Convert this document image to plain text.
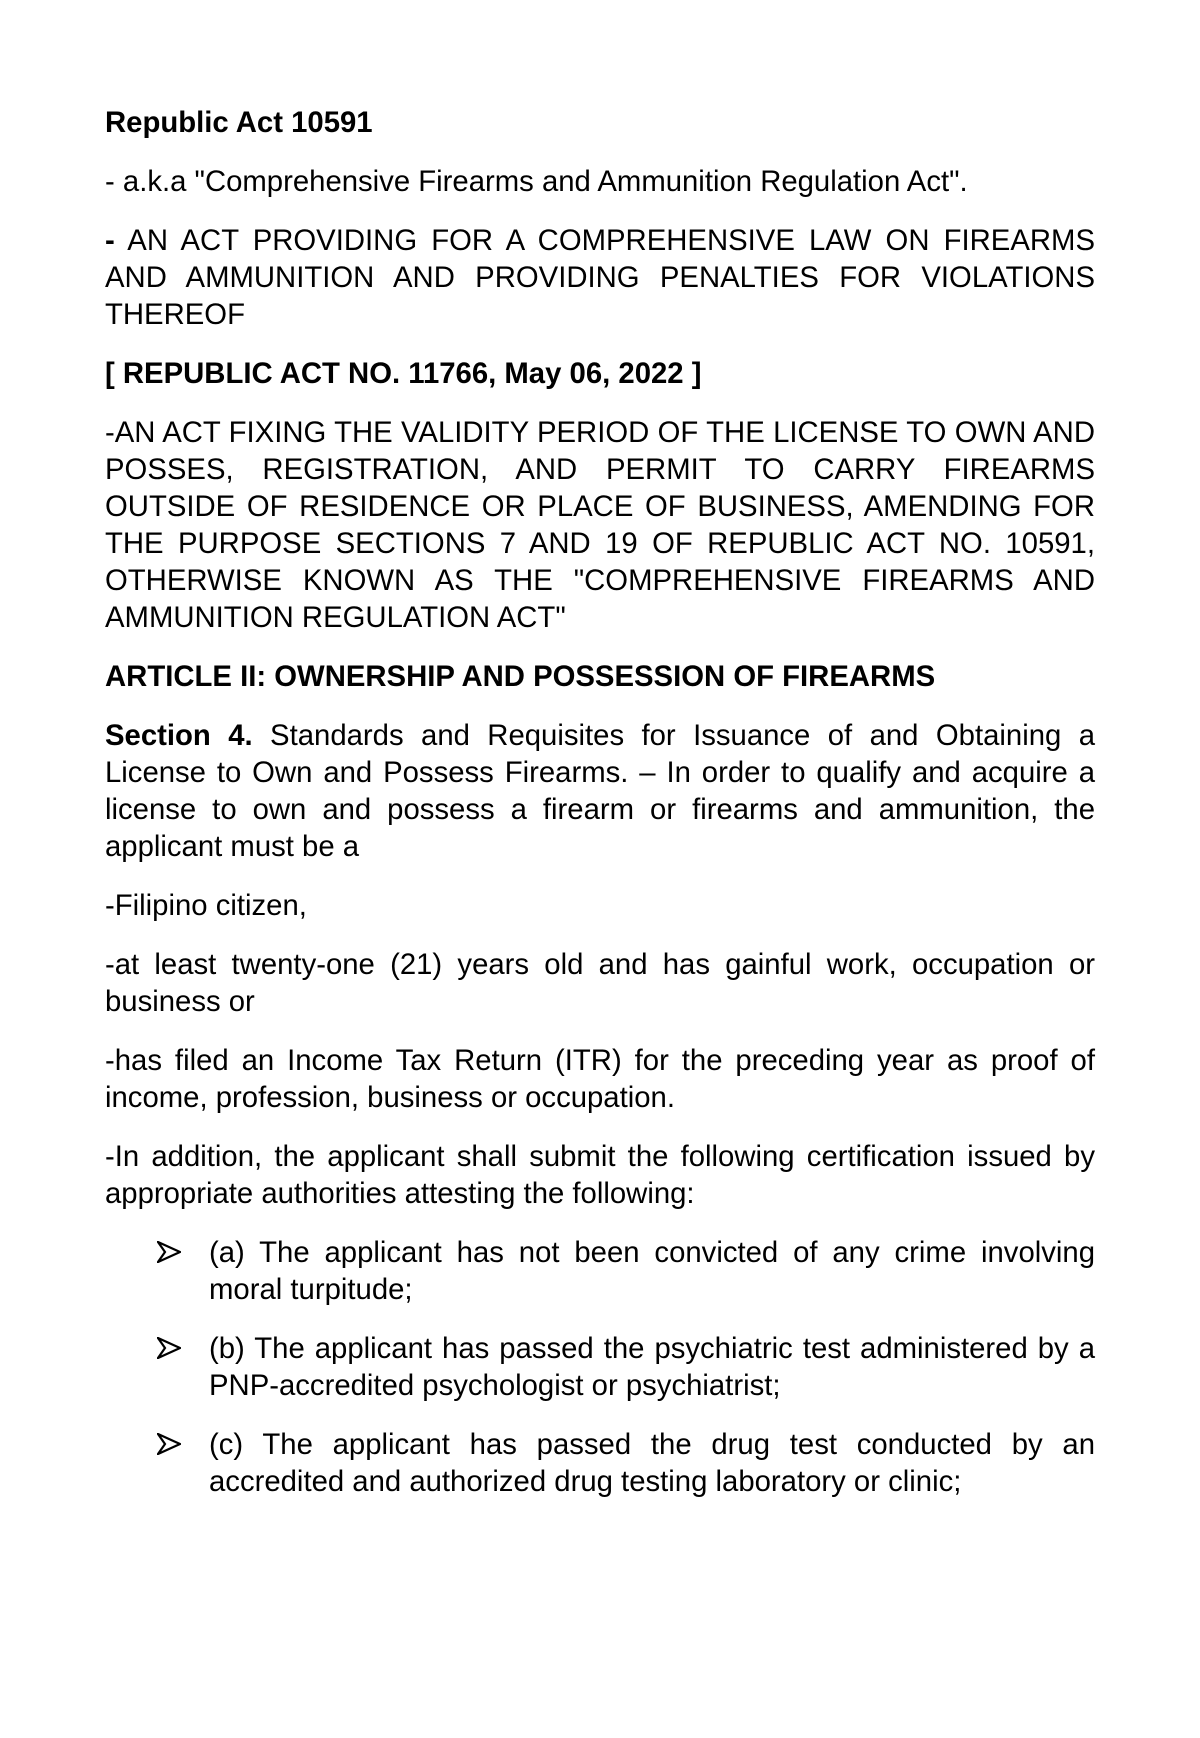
Republic Act 10591

- a.k.a "Comprehensive Firearms and Ammunition Regulation Act".

- AN ACT PROVIDING FOR A COMPREHENSIVE LAW ON FIREARMS AND AMMUNITION AND PROVIDING PENALTIES FOR VIOLATIONS THEREOF

[ REPUBLIC ACT NO. 11766, May 06, 2022 ]

-AN ACT FIXING THE VALIDITY PERIOD OF THE LICENSE TO OWN AND POSSES, REGISTRATION, AND PERMIT TO CARRY FIREARMS OUTSIDE OF RESIDENCE OR PLACE OF BUSINESS, AMENDING FOR THE PURPOSE SECTIONS 7 AND 19 OF REPUBLIC ACT NO. 10591, OTHERWISE KNOWN AS THE "COMPREHENSIVE FIREARMS AND AMMUNITION REGULATION ACT"

ARTICLE II: OWNERSHIP AND POSSESSION OF FIREARMS

Section 4. Standards and Requisites for Issuance of and Obtaining a License to Own and Possess Firearms. – In order to qualify and acquire a license to own and possess a firearm or firearms and ammunition, the applicant must be a

-Filipino citizen,

-at least twenty-one (21) years old and has gainful work, occupation or business or

-has filed an Income Tax Return (ITR) for the preceding year as proof of income, profession, business or occupation.

-In addition, the applicant shall submit the following certification issued by appropriate authorities attesting the following:

(a) The applicant has not been convicted of any crime involving moral turpitude;
(b) The applicant has passed the psychiatric test administered by a PNP-accredited psychologist or psychiatrist;
(c) The applicant has passed the drug test conducted by an accredited and authorized drug testing laboratory or clinic;
